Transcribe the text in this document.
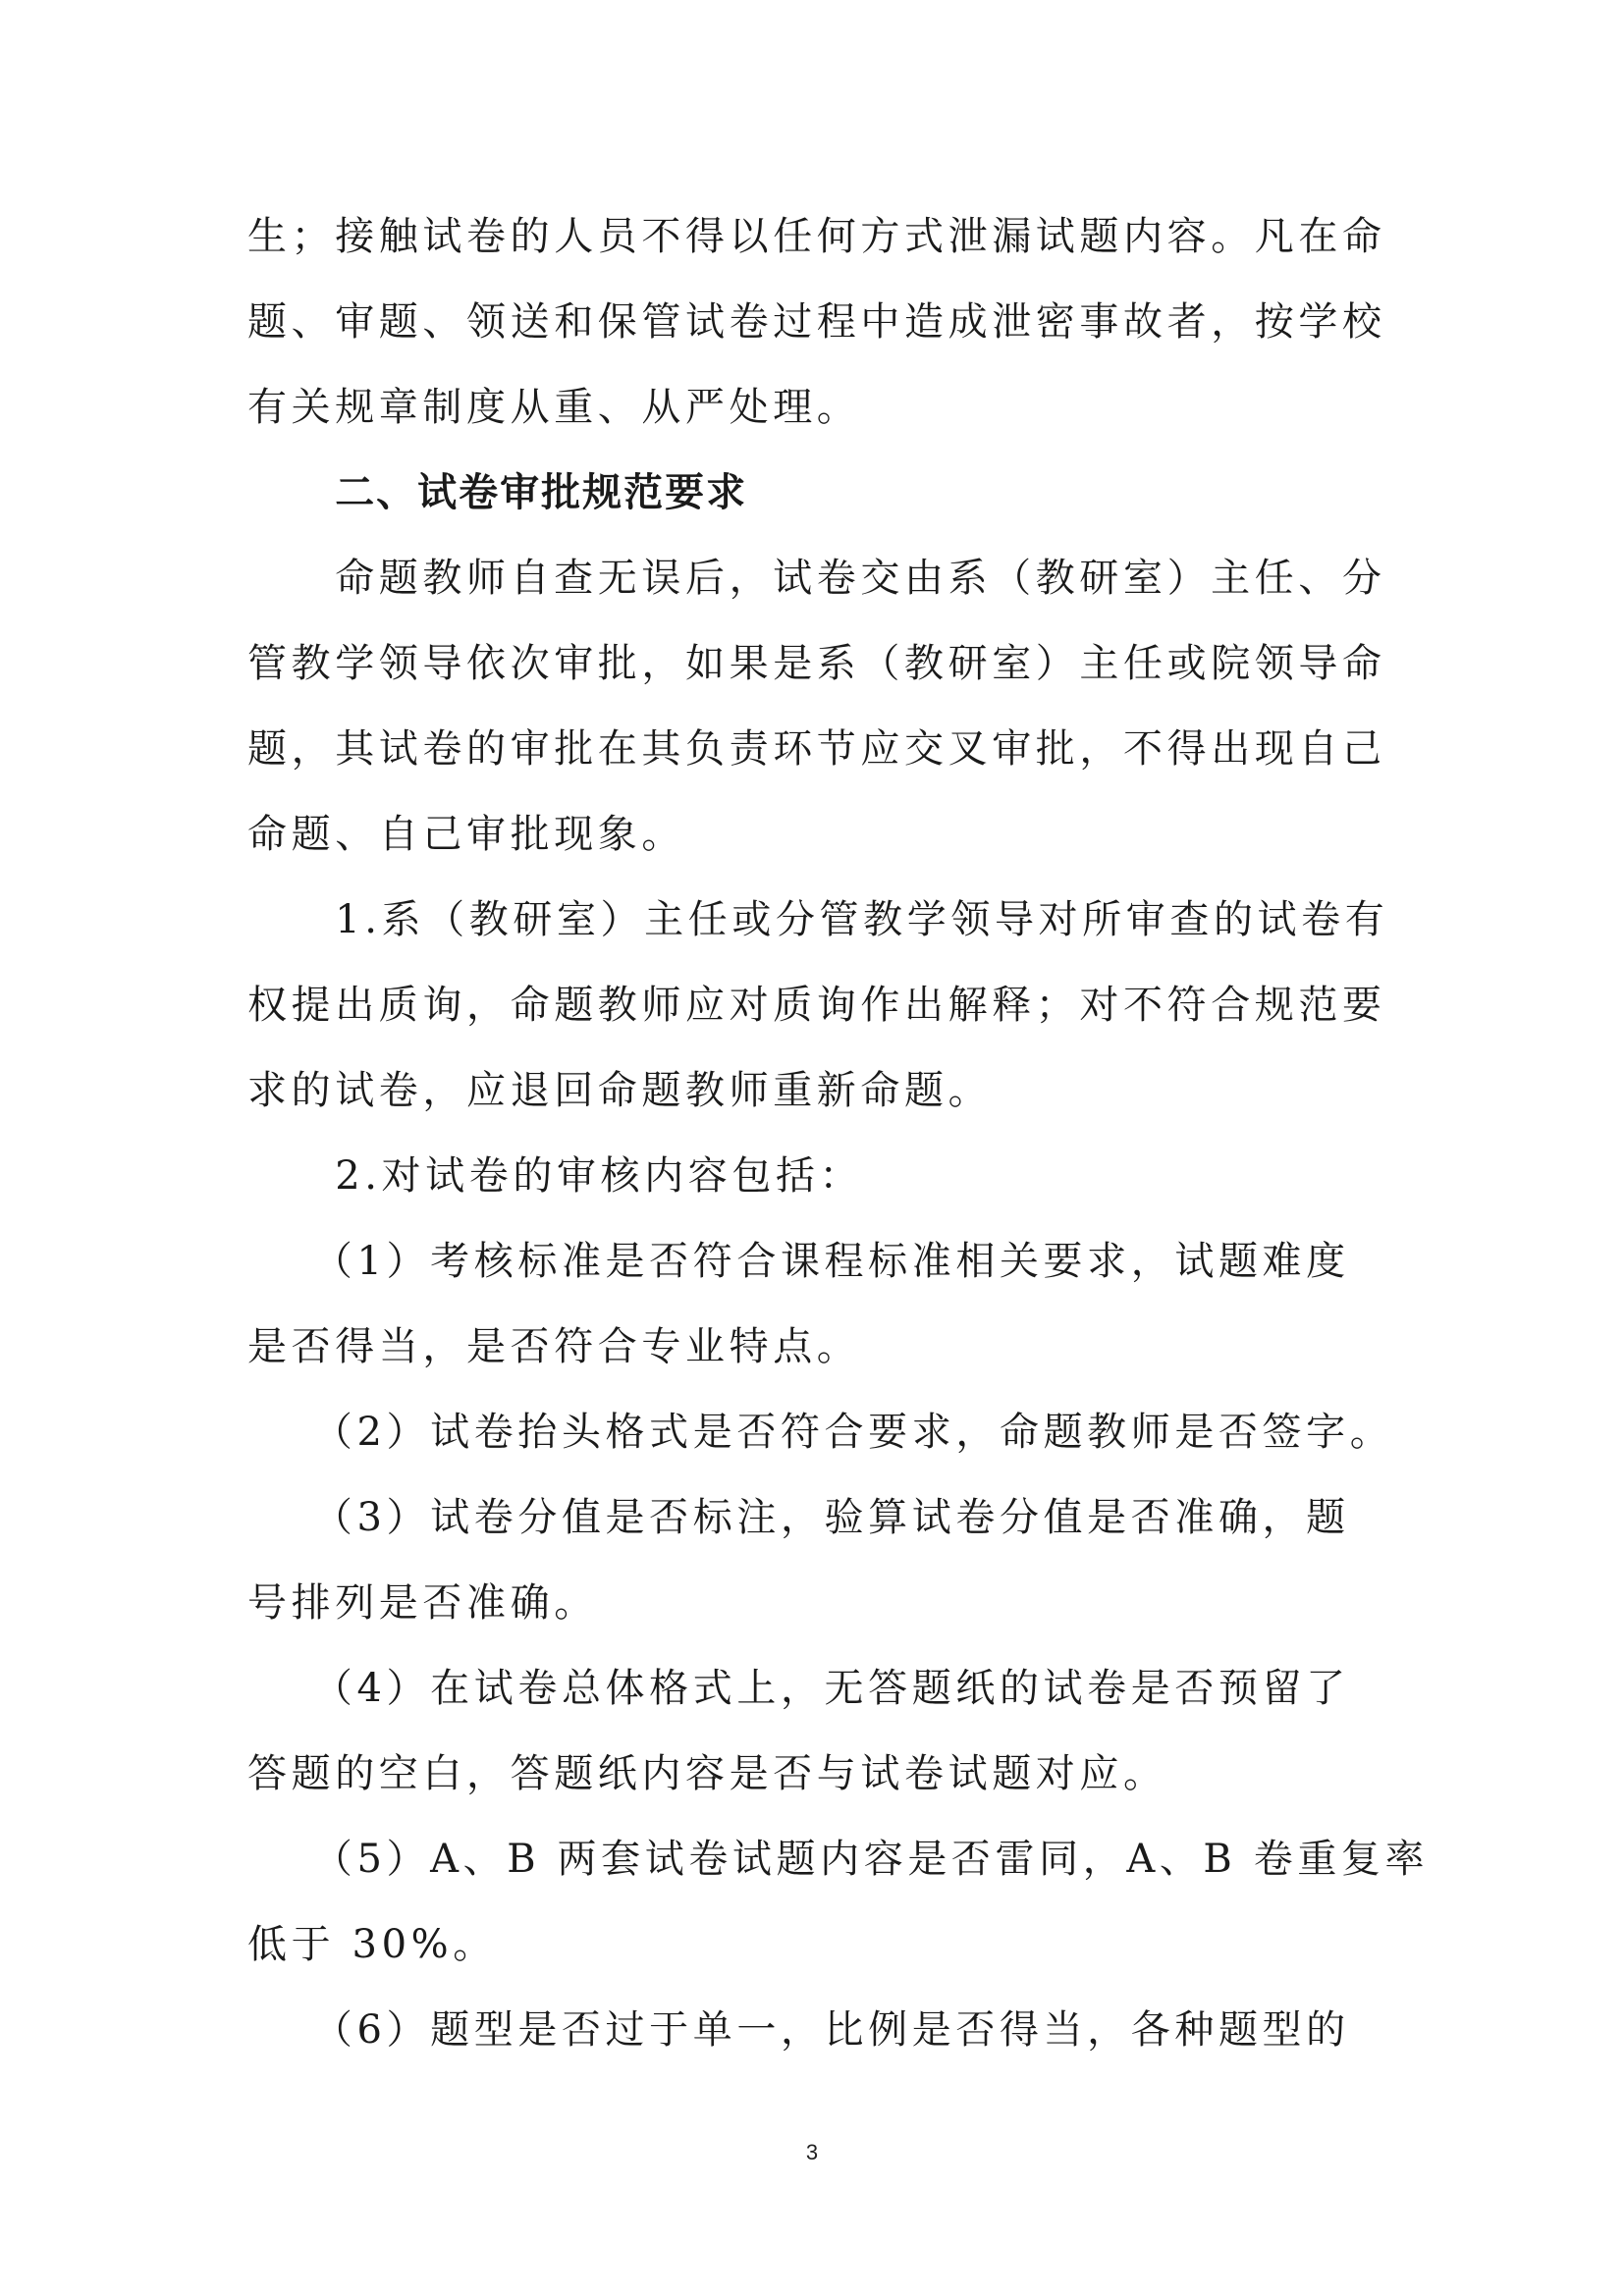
生；接触试卷的人员不得以任何方式泄漏试题内容。凡在命
题、审题、领送和保管试卷过程中造成泄密事故者，按学校
有关规章制度从重、从严处理。
二、试卷审批规范要求
命题教师自查无误后，试卷交由系（教研室）主任、分
管教学领导依次审批，如果是系（教研室）主任或院领导命
题，其试卷的审批在其负责环节应交叉审批，不得出现自己
命题、自己审批现象。
1.系（教研室）主任或分管教学领导对所审查的试卷有
权提出质询，命题教师应对质询作出解释；对不符合规范要
求的试卷，应退回命题教师重新命题。
2.对试卷的审核内容包括：
（1）考核标准是否符合课程标准相关要求，试题难度
是否得当，是否符合专业特点。
（2）试卷抬头格式是否符合要求，命题教师是否签字。
（3）试卷分值是否标注，验算试卷分值是否准确，题
号排列是否准确。
（4）在试卷总体格式上，无答题纸的试卷是否预留了
答题的空白，答题纸内容是否与试卷试题对应。
（5）A、B 两套试卷试题内容是否雷同，A、B 卷重复率
低于 30%。
（6）题型是否过于单一，比例是否得当，各种题型的
3
